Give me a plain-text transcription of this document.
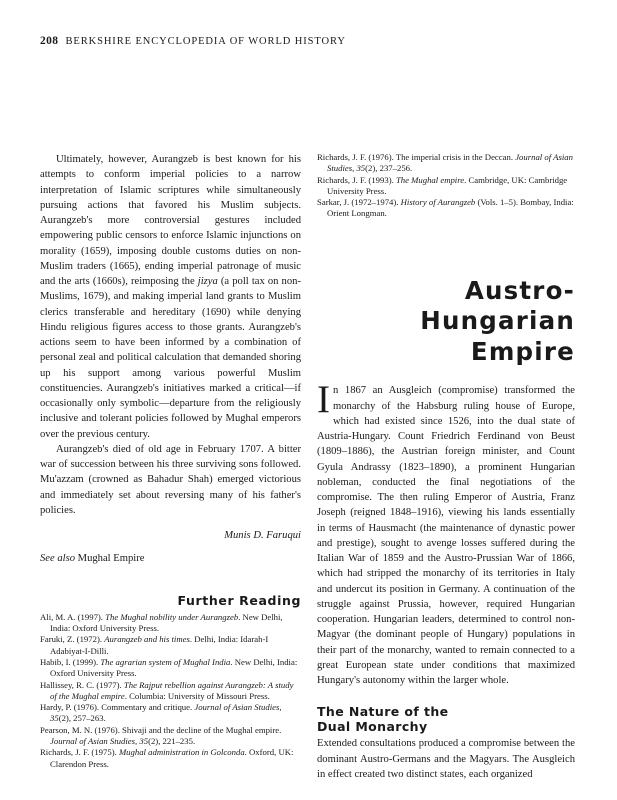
208 BERKSHIRE ENCYCLOPEDIA OF WORLD HISTORY

Ultimately, however, Aurangzeb is best known for his attempts to conform imperial policies to a narrow interpretation of Islamic scriptures while simultaneously pursuing actions that favored his Muslim subjects. Aurangzeb's more controversial gestures included empowering public censors to enforce Islamic injunctions on morality (1659), imposing double customs duties on non-Muslim traders (1665), ending imperial patronage of music and the arts (1660s), reimposing the jizya (a poll tax on non-Muslims, 1679), and making imperial land grants to Muslim clerics transferable and hereditary (1690) while denying Hindu religious figures access to those grants. Aurangzeb's actions seem to have been informed by a combination of personal zeal and political calculation that demanded shoring up his support among various powerful Muslim constituencies. Aurangzeb's initiatives marked a critical—if occasionally only symbolic—departure from the religiously inclusive and tolerant policies followed by Mughal emperors over the previous century.

Aurangzeb's died of old age in February 1707. A bitter war of succession between his three surviving sons followed. Mu'azzam (crowned as Bahadur Shah) emerged victorious and immediately set about reversing many of his father's policies.

Munis D. Faruqui

See also Mughal Empire

Further Reading

Ali, M. A. (1997). The Mughal nobility under Aurangzeb. New Delhi, India: Oxford University Press.

Faruki, Z. (1972). Aurangzeb and his times. Delhi, India: Idarah-I Adabiyat-I-Dilli.

Habib, I. (1999). The agrarian system of Mughal India. New Delhi, India: Oxford University Press.

Hallissey, R. C. (1977). The Rajput rebellion against Aurangzeb: A study of the Mughal empire. Columbia: University of Missouri Press.

Hardy, P. (1976). Commentary and critique. Journal of Asian Studies, 35(2), 257–263.

Pearson, M. N. (1976). Shivaji and the decline of the Mughal empire. Journal of Asian Studies, 35(2), 221–235.

Richards, J. F. (1975). Mughal administration in Golconda. Oxford, UK: Clarendon Press.

Richards, J. F. (1976). The imperial crisis in the Deccan. Journal of Asian Studies, 35(2), 237–256.

Richards, J. F. (1993). The Mughal empire. Cambridge, UK: Cambridge University Press.

Sarkar, J. (1972–1974). History of Aurangzeb (Vols. 1–5). Bombay, India: Orient Longman.

Austro-
Hungarian
Empire

In 1867 an Ausgleich (compromise) transformed the monarchy of the Habsburg ruling house of Europe, which had existed since 1526, into the dual state of Austria-Hungary. Count Friedrich Ferdinand von Beust (1809–1886), the Austrian foreign minister, and Count Gyula Andrassy (1823–1890), a prominent Hungarian nobleman, conducted the final negotiations of the compromise. The then ruling Emperor of Austria, Franz Joseph (reigned 1848–1916), viewing his lands essentially in terms of Hausmacht (the maintenance of dynastic power and prestige), sought to avenge losses suffered during the Italian War of 1859 and the Austro-Prussian War of 1866, which had stripped the monarchy of its territories in Italy and undercut its position in Germany. A continuation of the struggle against Prussia, however, required Hungarian cooperation. Hungarian leaders, determined to control non-Magyar (the dominant people of Hungary) populations in their part of the monarchy, wanted to remain connected to a great European state under conditions that maximized Hungary's autonomy within the larger whole.

The Nature of the
Dual Monarchy

Extended consultations produced a compromise between the dominant Austro-Germans and the Magyars. The Ausgleich in effect created two distinct states, each organized
